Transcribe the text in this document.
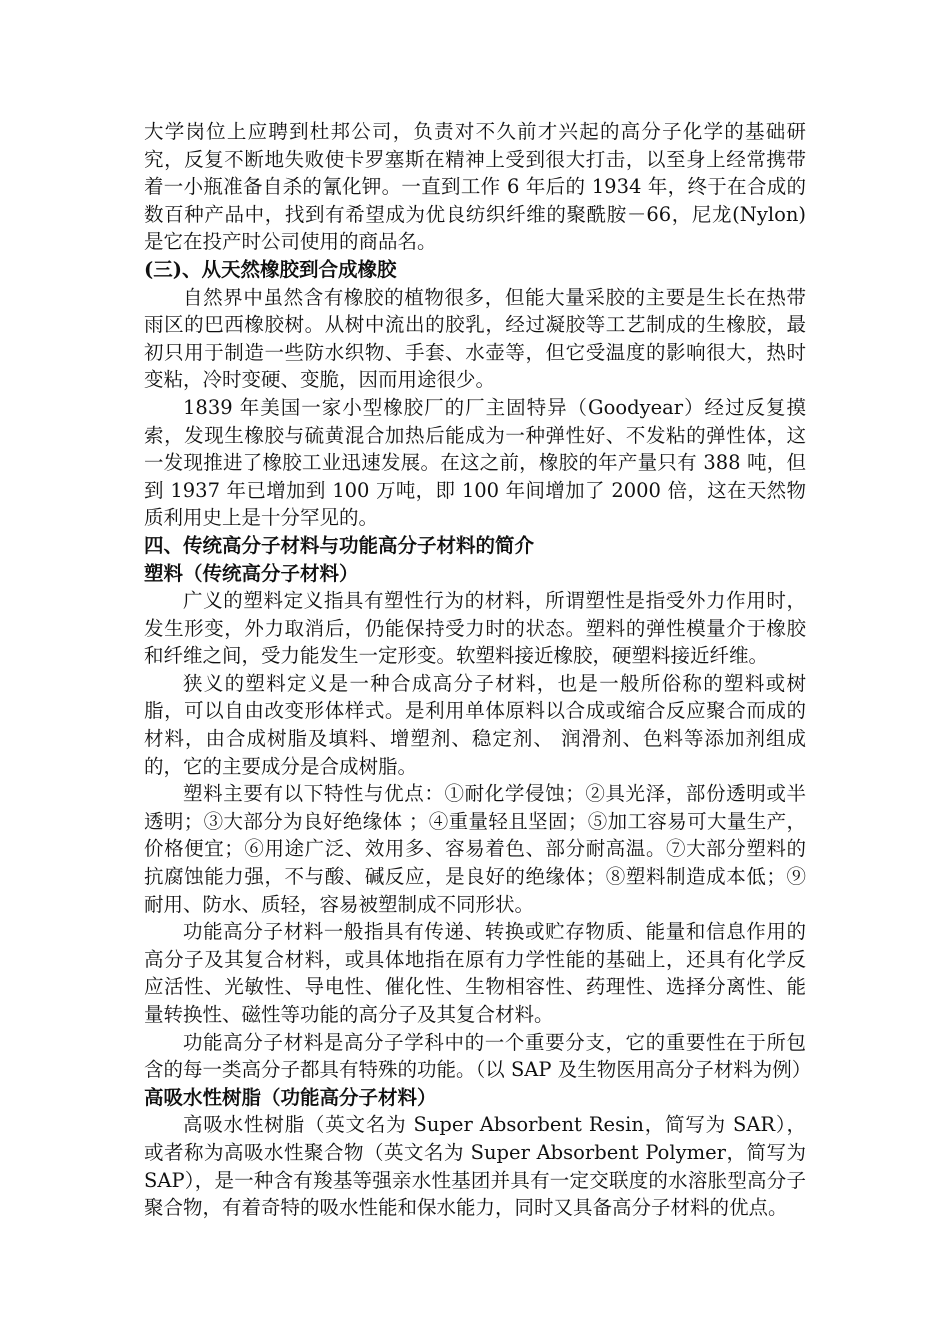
大学岗位上应聘到杜邦公司，负责对不久前才兴起的高分子化学的基础研究，反复不断地失败使卡罗塞斯在精神上受到很大打击，以至身上经常携带着一小瓶准备自杀的氰化钾。一直到工作 6 年后的 1934 年，终于在合成的数百种产品中，找到有希望成为优良纺织纤维的聚酰胺－66，尼龙(Nylon)是它在投产时公司使用的商品名。

(三)、从天然橡胶到合成橡胶

自然界中虽然含有橡胶的植物很多，但能大量采胶的主要是生长在热带雨区的巴西橡胶树。从树中流出的胶乳，经过凝胶等工艺制成的生橡胶，最初只用于制造一些防水织物、手套、水壶等，但它受温度的影响很大，热时变粘，冷时变硬、变脆，因而用途很少。

1839 年美国一家小型橡胶厂的厂主固特异（Goodyear）经过反复摸索，发现生橡胶与硫黄混合加热后能成为一种弹性好、不发粘的弹性体，这一发现推进了橡胶工业迅速发展。在这之前，橡胶的年产量只有 388 吨，但到 1937 年已增加到 100 万吨，即 100 年间增加了 2000 倍，这在天然物质利用史上是十分罕见的。

四、传统高分子材料与功能高分子材料的简介

塑料（传统高分子材料）

广义的塑料定义指具有塑性行为的材料，所谓塑性是指受外力作用时，发生形变，外力取消后，仍能保持受力时的状态。塑料的弹性模量介于橡胶和纤维之间，受力能发生一定形变。软塑料接近橡胶，硬塑料接近纤维。

狭义的塑料定义是一种合成高分子材料，也是一般所俗称的塑料或树脂，可以自由改变形体样式。是利用单体原料以合成或缩合反应聚合而成的材料，由合成树脂及填料、增塑剂、稳定剂、 润滑剂、色料等添加剂组成的，它的主要成分是合成树脂。

塑料主要有以下特性与优点：①耐化学侵蚀；②具光泽，部份透明或半透明；③大部分为良好绝缘体 ；④重量轻且坚固；⑤加工容易可大量生产，价格便宜；⑥用途广泛、效用多、容易着色、部分耐高温。⑦大部分塑料的抗腐蚀能力强，不与酸、碱反应，是良好的绝缘体；⑧塑料制造成本低；⑨耐用、防水、质轻，容易被塑制成不同形状。

功能高分子材料一般指具有传递、转换或贮存物质、能量和信息作用的高分子及其复合材料，或具体地指在原有力学性能的基础上，还具有化学反应活性、光敏性、导电性、催化性、生物相容性、药理性、选择分离性、能量转换性、磁性等功能的高分子及其复合材料。

功能高分子材料是高分子学科中的一个重要分支，它的重要性在于所包含的每一类高分子都具有特殊的功能。（以 SAP 及生物医用高分子材料为例）

高吸水性树脂（功能高分子材料）

高吸水性树脂（英文名为 Super Absorbent Resin，简写为 SAR）， 或者称为高吸水性聚合物（英文名为 Super Absorbent Polymer，简写为 SAP），是一种含有羧基等强亲水性基团并具有一定交联度的水溶胀型高分子聚合物，有着奇特的吸水性能和保水能力，同时又具备高分子材料的优点。
